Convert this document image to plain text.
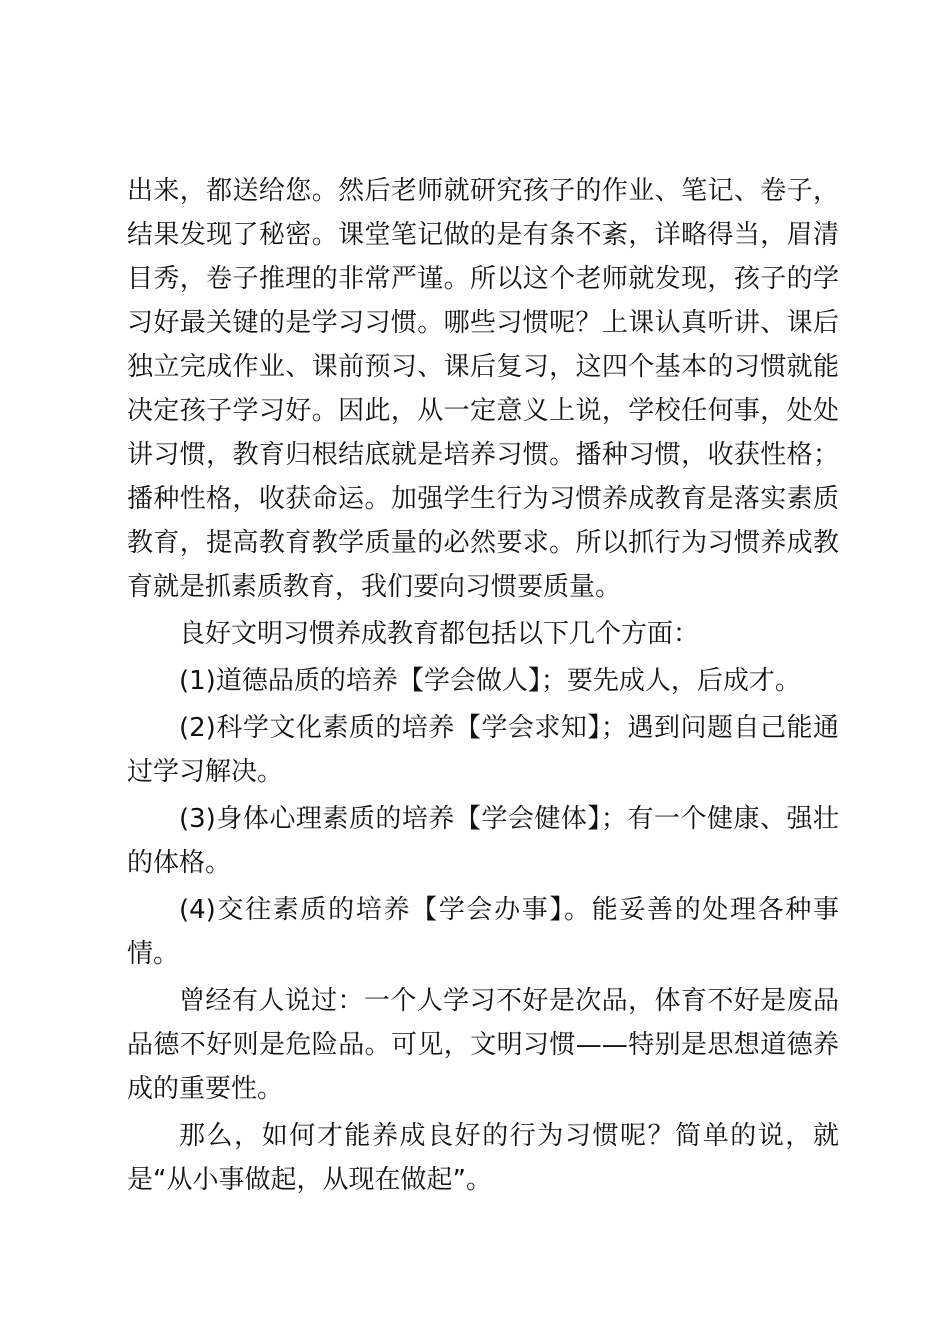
出来，都送给您。然后老师就研究孩子的作业、笔记、卷子，结果发现了秘密。课堂笔记做的是有条不紊，详略得当，眉清目秀，卷子推理的非常严谨。所以这个老师就发现，孩子的学习好最关键的是学习习惯。哪些习惯呢？上课认真听讲、课后独立完成作业、课前预习、课后复习，这四个基本的习惯就能决定孩子学习好。因此，从一定意义上说，学校任何事，处处讲习惯，教育归根结底就是培养习惯。播种习惯，收获性格；播种性格，收获命运。加强学生行为习惯养成教育是落实素质教育，提高教育教学质量的必然要求。所以抓行为习惯养成教育就是抓素质教育，我们要向习惯要质量。

良好文明习惯养成教育都包括以下几个方面：

(1)道德品质的培养【学会做人】；要先成人，后成才。

(2)科学文化素质的培养【学会求知】；遇到问题自己能通过学习解决。

(3)身体心理素质的培养【学会健体】；有一个健康、强壮的体格。

(4)交往素质的培养【学会办事】。能妥善的处理各种事情。

曾经有人说过：一个人学习不好是次品，体育不好是废品品德不好则是危险品。可见，文明习惯——特别是思想道德养成的重要性。

那么，如何才能养成良好的行为习惯呢？简单的说，就是“从小事做起，从现在做起”。
